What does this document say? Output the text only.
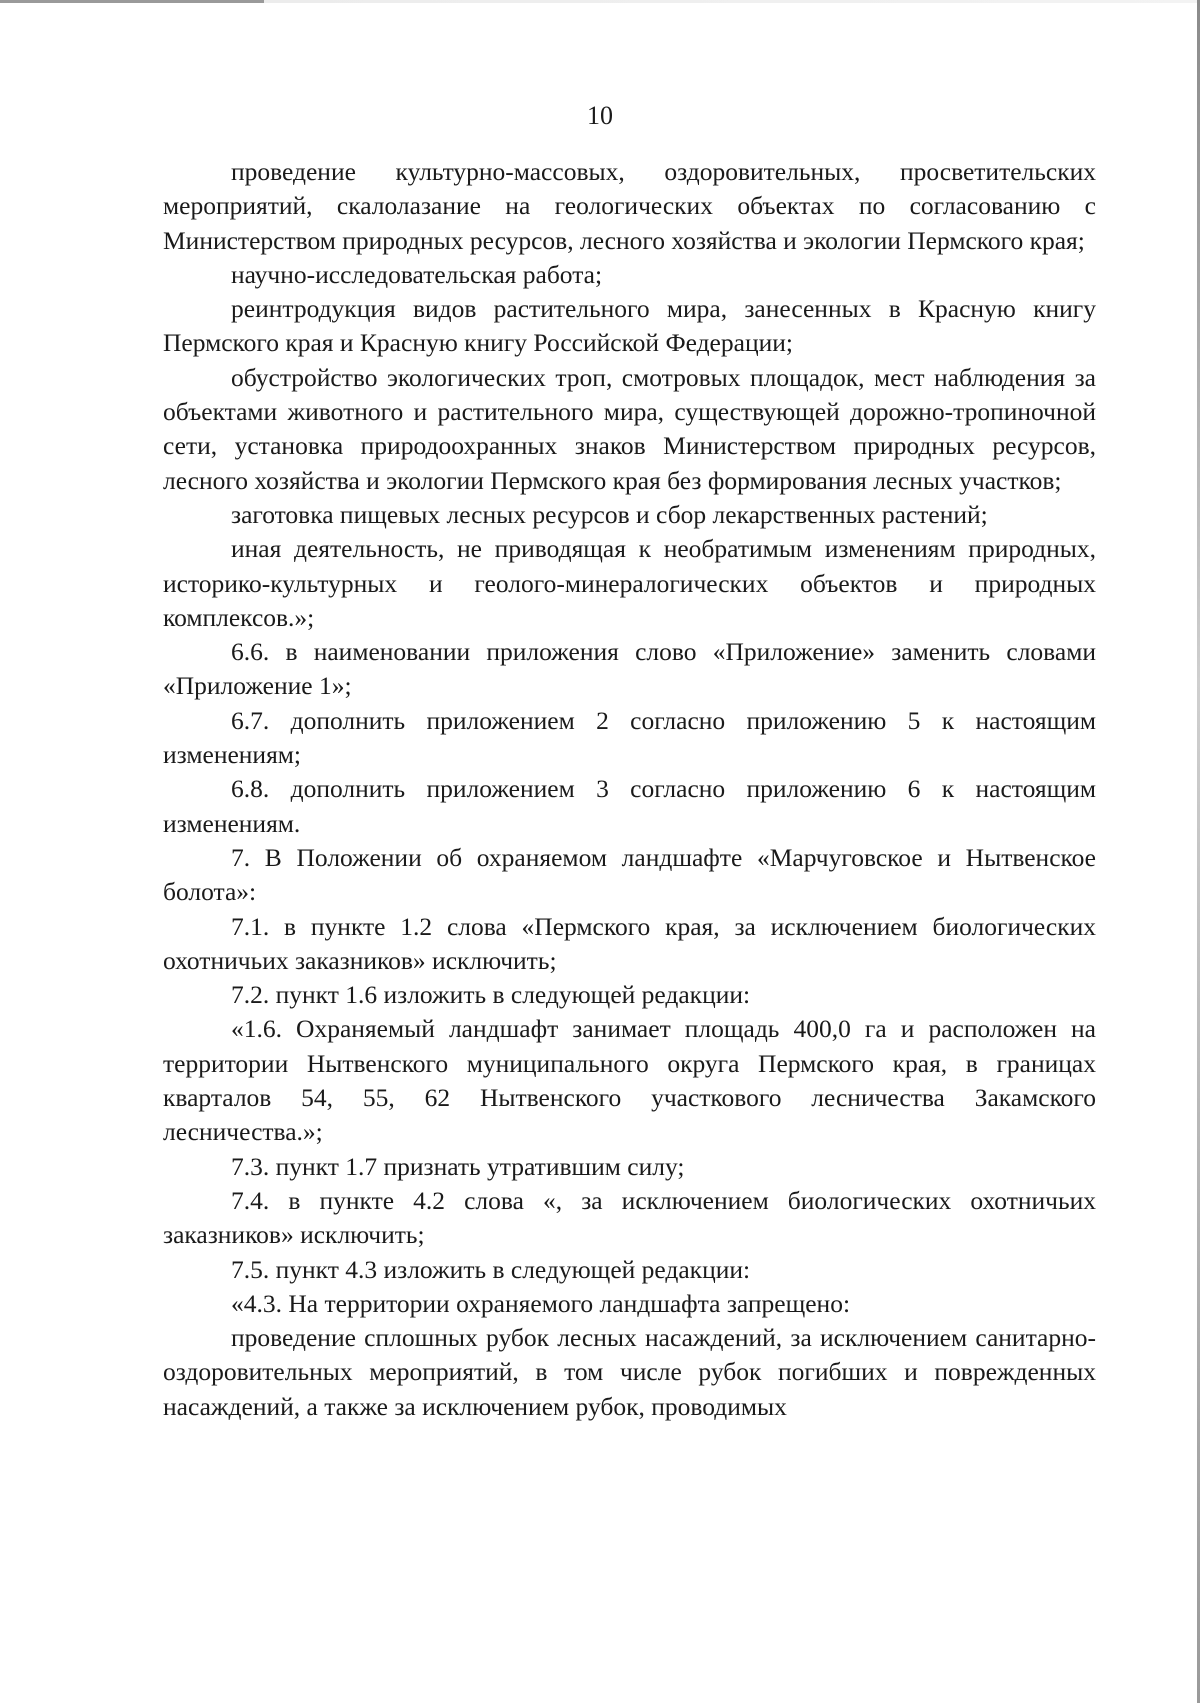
10

проведение культурно-массовых, оздоровительных, просветительских мероприятий, скалолазание на геологических объектах по согласованию с Министерством природных ресурсов, лесного хозяйства и экологии Пермского края;

научно-исследовательская работа;

реинтродукция видов растительного мира, занесенных в Красную книгу Пермского края и Красную книгу Российской Федерации;

обустройство экологических троп, смотровых площадок, мест наблюдения за объектами животного и растительного мира, существующей дорожно-тропиночной сети, установка природоохранных знаков Министерством природных ресурсов, лесного хозяйства и экологии Пермского края без формирования лесных участков;

заготовка пищевых лесных ресурсов и сбор лекарственных растений;

иная деятельность, не приводящая к необратимым изменениям природных, историко-культурных и геолого-минералогических объектов и природных комплексов.»;

6.6. в наименовании приложения слово «Приложение» заменить словами «Приложение 1»;

6.7. дополнить приложением 2 согласно приложению 5 к настоящим изменениям;

6.8. дополнить приложением 3 согласно приложению 6 к настоящим изменениям.

7. В Положении об охраняемом ландшафте «Марчуговское и Нытвенское болота»:

7.1. в пункте 1.2 слова «Пермского края, за исключением биологических охотничьих заказников» исключить;

7.2. пункт 1.6 изложить в следующей редакции:

«1.6. Охраняемый ландшафт занимает площадь 400,0 га и расположен на территории Нытвенского муниципального округа Пермского края, в границах кварталов 54, 55, 62 Нытвенского участкового лесничества Закамского лесничества.»;

7.3. пункт 1.7 признать утратившим силу;

7.4. в пункте 4.2 слова «, за исключением биологических охотничьих заказников» исключить;

7.5. пункт 4.3 изложить в следующей редакции:

«4.3. На территории охраняемого ландшафта запрещено:

проведение сплошных рубок лесных насаждений, за исключением санитарно-оздоровительных мероприятий, в том числе рубок погибших и поврежденных насаждений, а также за исключением рубок, проводимых
